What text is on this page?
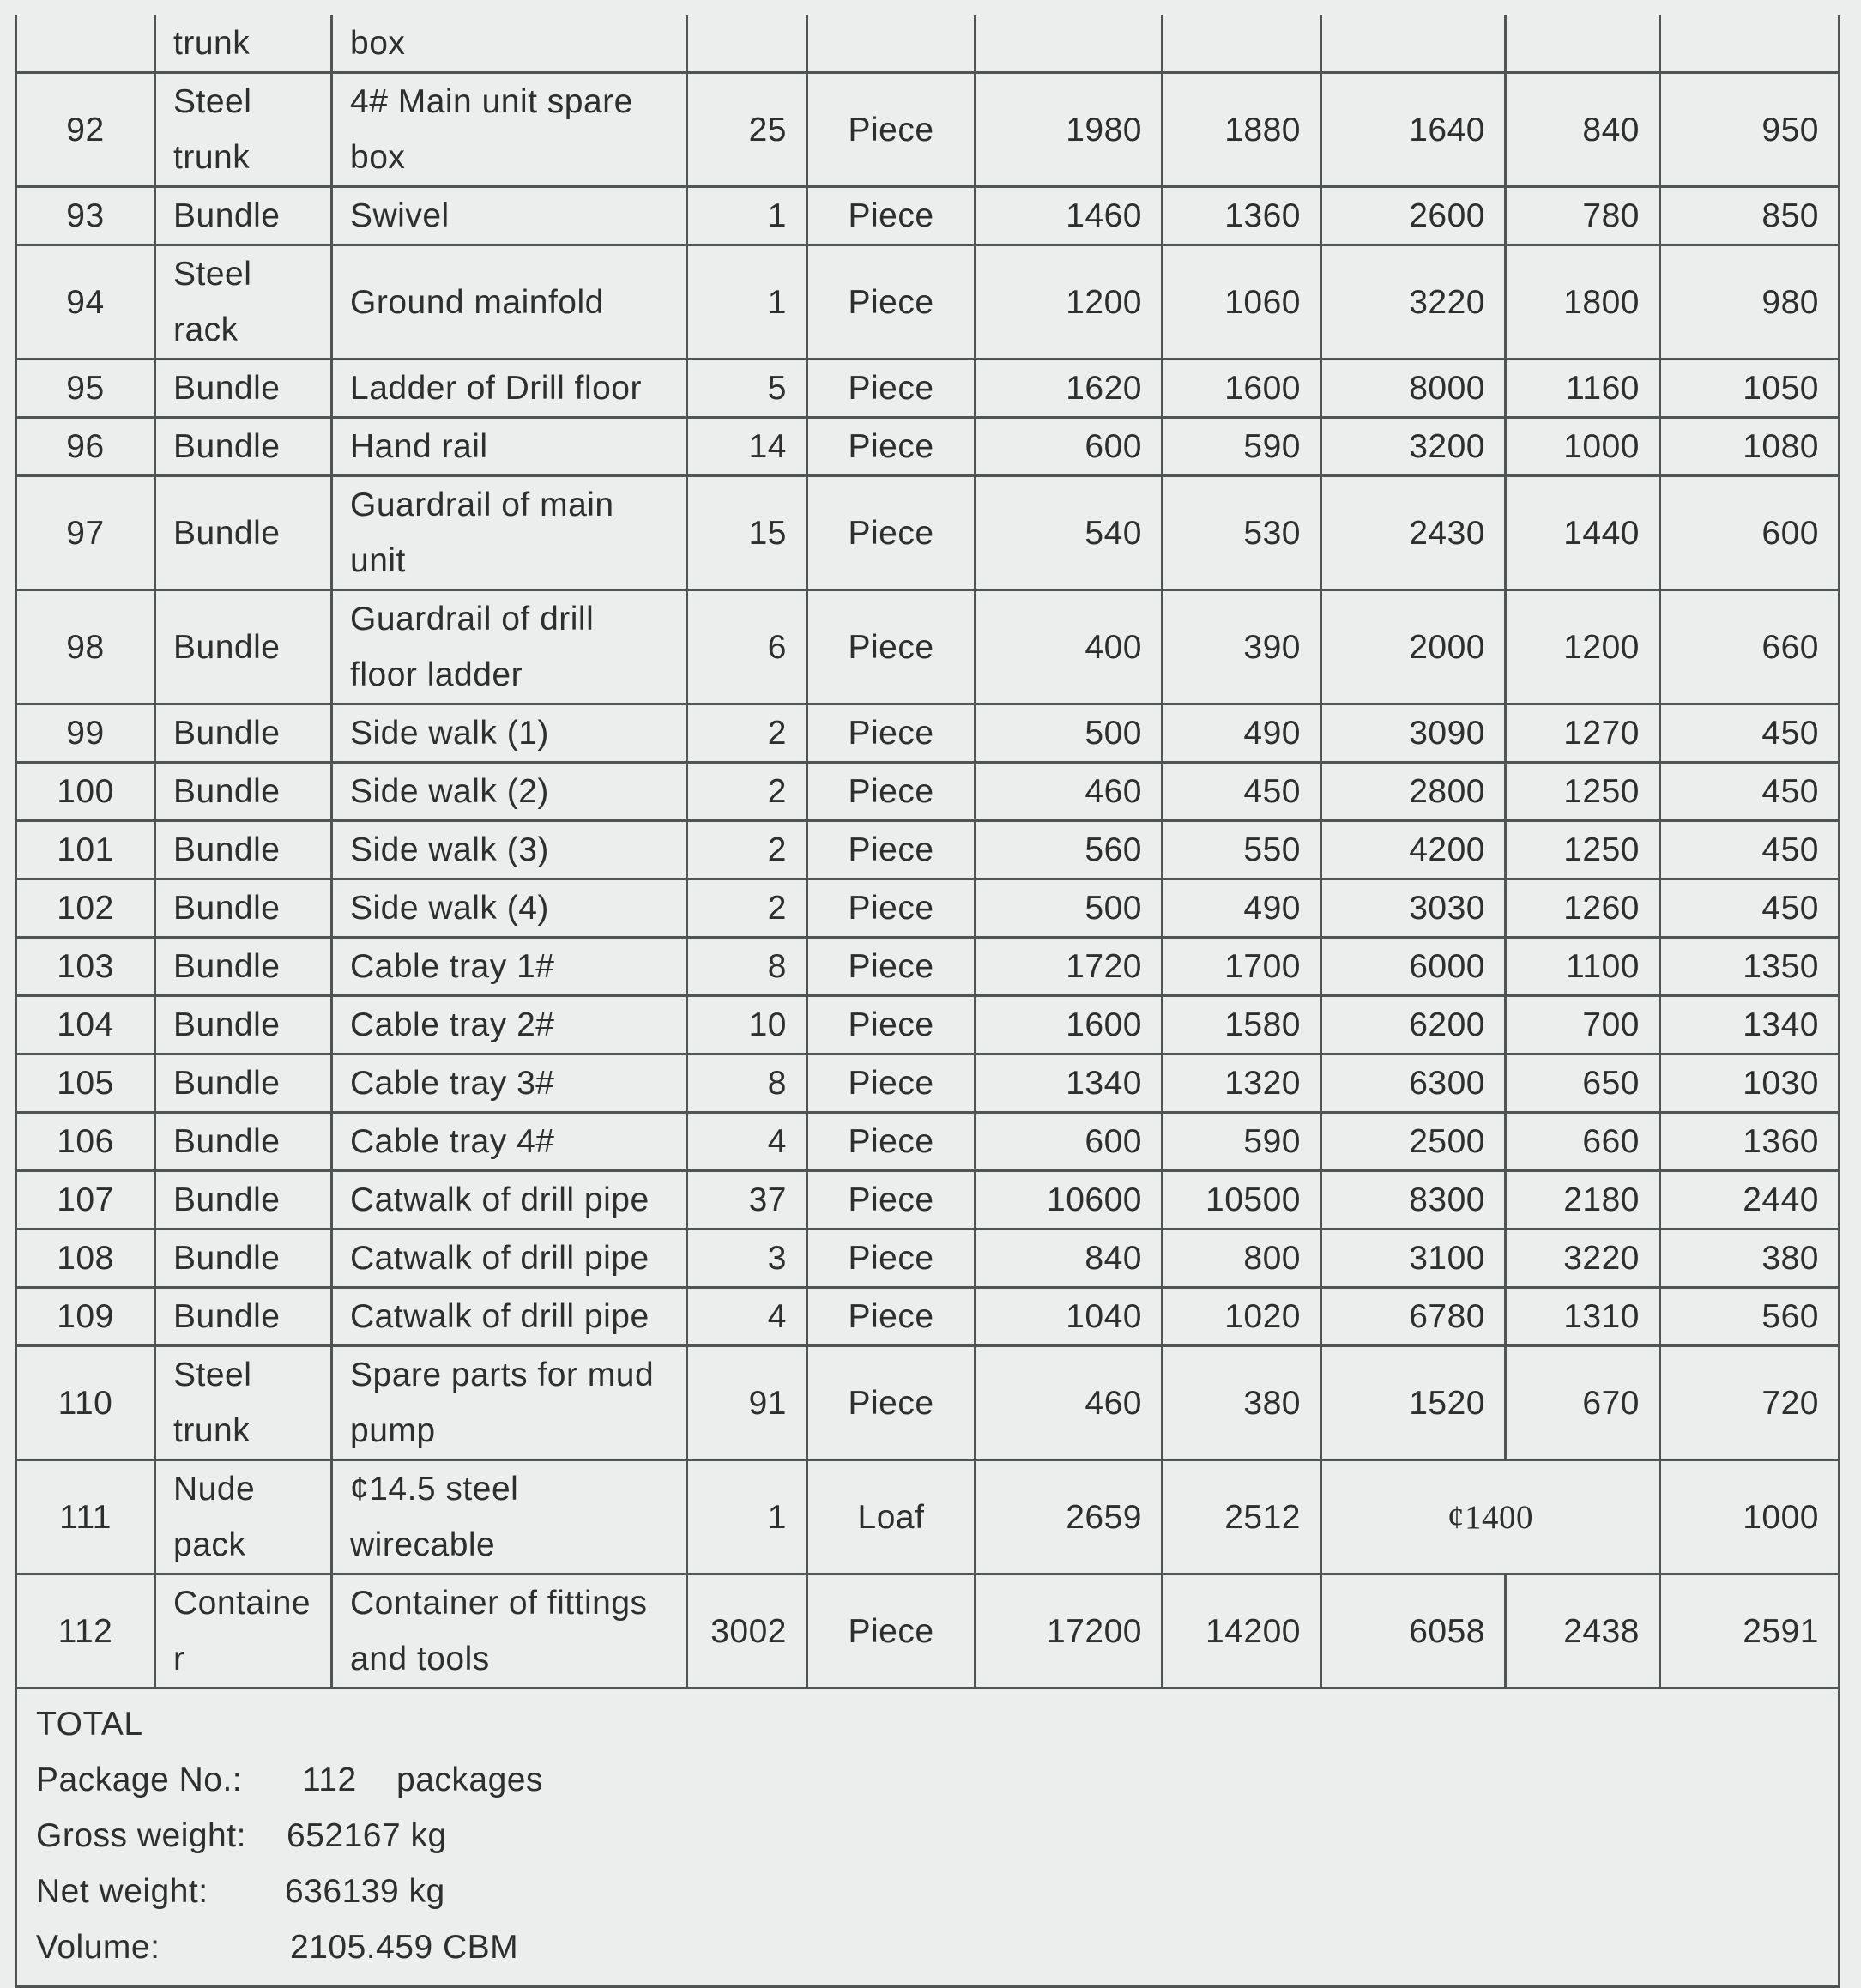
	trunk	box							
92	Steel trunk	4# Main unit spare box	25	Piece	1980	1880	1640	840	950
93	Bundle	Swivel	1	Piece	1460	1360	2600	780	850
94	Steel rack	Ground mainfold	1	Piece	1200	1060	3220	1800	980
95	Bundle	Ladder of Drill floor	5	Piece	1620	1600	8000	1160	1050
96	Bundle	Hand rail	14	Piece	600	590	3200	1000	1080
97	Bundle	Guardrail of main unit	15	Piece	540	530	2430	1440	600
98	Bundle	Guardrail of drill floor ladder	6	Piece	400	390	2000	1200	660
99	Bundle	Side walk (1)	2	Piece	500	490	3090	1270	450
100	Bundle	Side walk (2)	2	Piece	460	450	2800	1250	450
101	Bundle	Side walk (3)	2	Piece	560	550	4200	1250	450
102	Bundle	Side walk (4)	2	Piece	500	490	3030	1260	450
103	Bundle	Cable tray 1#	8	Piece	1720	1700	6000	1100	1350
104	Bundle	Cable tray 2#	10	Piece	1600	1580	6200	700	1340
105	Bundle	Cable tray 3#	8	Piece	1340	1320	6300	650	1030
106	Bundle	Cable tray 4#	4	Piece	600	590	2500	660	1360
107	Bundle	Catwalk of drill pipe	37	Piece	10600	10500	8300	2180	2440
108	Bundle	Catwalk of drill pipe	3	Piece	840	800	3100	3220	380
109	Bundle	Catwalk of drill pipe	4	Piece	1040	1020	6780	1310	560
110	Steel trunk	Spare parts for mud pump	91	Piece	460	380	1520	670	720
111	Nude pack	¢14.5 steel wirecable	1	Loaf	2659	2512	¢1400		1000
112	Containe r	Container of fittings and tools	3002	Piece	17200	14200	6058	2438	2591

TOTAL
Package No.: 112 packages
Gross weight: 652167 kg
Net weight: 636139 kg
Volume: 2105.459 CBM									
